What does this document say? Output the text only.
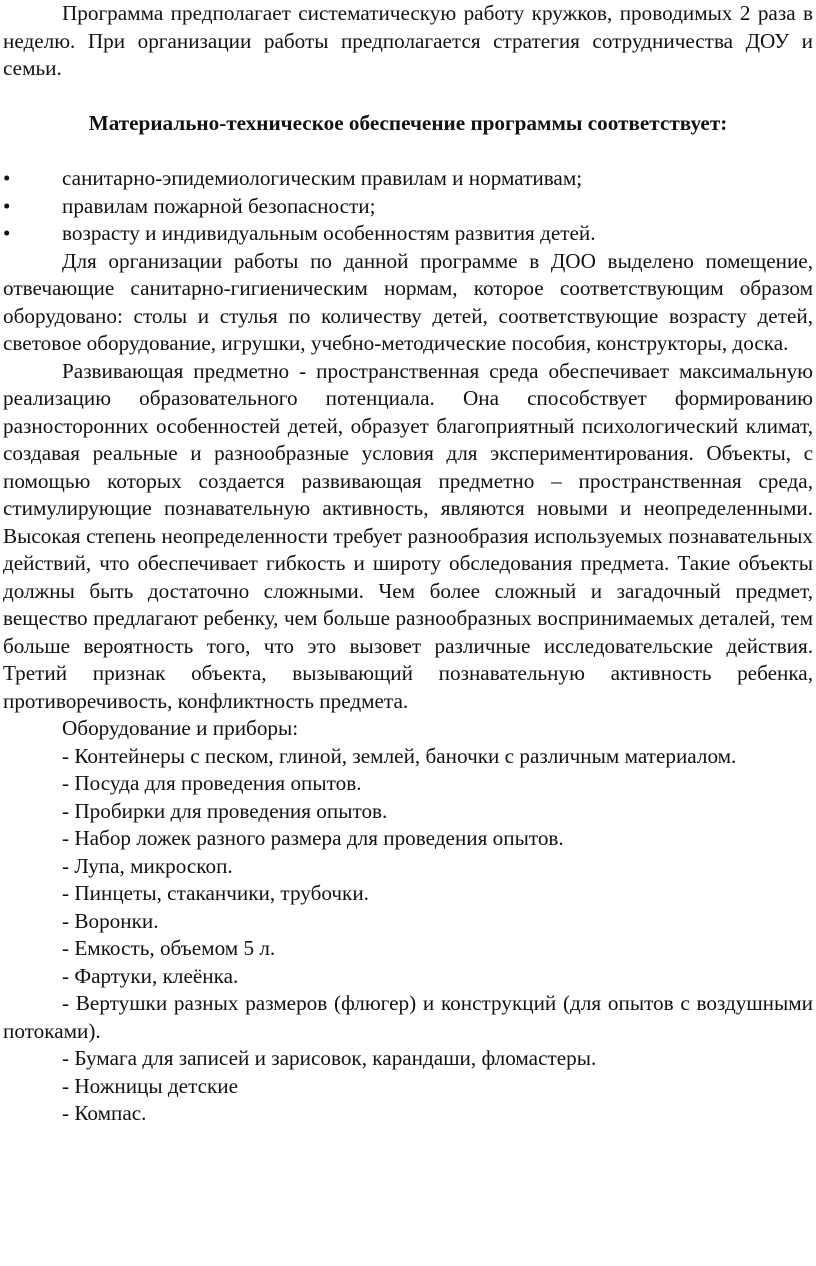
Программа предполагает систематическую работу кружков, проводимых 2 раза в неделю. При организации работы предполагается стратегия сотрудничества ДОУ и семьи.

Материально-техническое обеспечение программы соответствует:

•	санитарно-эпидемиологическим правилам и нормативам;
•	правилам пожарной безопасности;
•	возрасту и индивидуальным особенностям развития детей.

Для организации работы по данной программе в ДОО выделено помещение, отвечающие санитарно-гигиеническим нормам, которое соответствующим образом оборудовано: столы и стулья по количеству детей, соответствующие возрасту детей, световое оборудование, игрушки, учебно-методические пособия, конструкторы, доска.

Развивающая предметно - пространственная среда обеспечивает максимальную реализацию образовательного потенциала. Она способствует формированию разносторонних особенностей детей, образует благоприятный психологический климат, создавая реальные и разнообразные условия для экспериментирования. Объекты, с помощью которых создается развивающая предметно – пространственная среда, стимулирующие познавательную активность, являются новыми и неопределенными. Высокая степень неопределенности требует разнообразия используемых познавательных действий, что обеспечивает гибкость и широту обследования предмета. Такие объекты должны быть достаточно сложными. Чем более сложный и загадочный предмет, вещество предлагают ребенку, чем больше разнообразных воспринимаемых деталей, тем больше вероятность того, что это вызовет различные исследовательские действия. Третий признак объекта, вызывающий познавательную активность ребенка, противоречивость, конфликтность предмета.

Оборудование и приборы:

- Контейнеры с песком, глиной, землей, баночки с различным материалом.

- Посуда для проведения опытов.

- Пробирки для проведения опытов.

- Набор ложек разного размера для проведения опытов.

- Лупа, микроскоп.

- Пинцеты, стаканчики, трубочки.

- Воронки.

- Емкость, объемом 5 л.

- Фартуки, клеёнка.

- Вертушки разных размеров (флюгер) и конструкций (для опытов с воздушными потоками).

- Бумага для записей и зарисовок, карандаши, фломастеры.

- Ножницы детские

- Компас.
